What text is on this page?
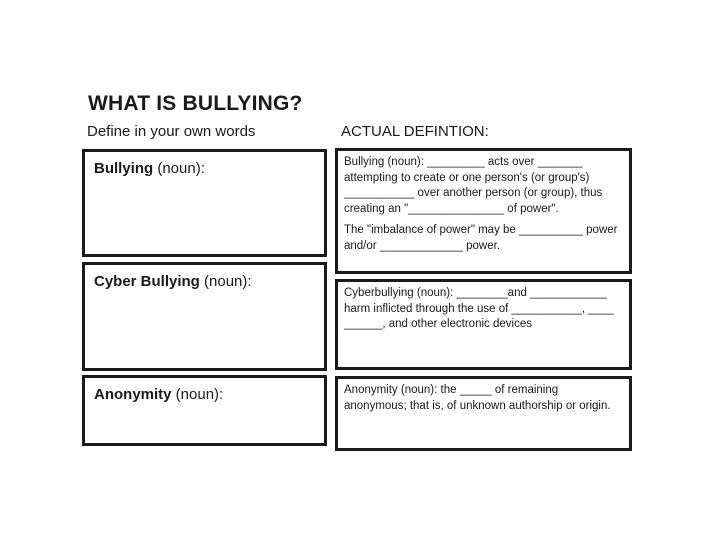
WHAT IS BULLYING?
Define in your own words	ACTUAL DEFINTION:
Bullying (noun):
Cyber Bullying (noun):
Anonymity (noun):

Bullying (noun): _________ acts over _______ attempting to create or one person's (or group's) ___________ over another person (or group), thus creating an "_______________ of power".

The "imbalance of power" may be __________ power and/or _____________ power.

Cyberbullying (noun): ________and ____________ harm inflicted through the use of ___________, ____ ______, and other electronic devices

Anonymity (noun): the _____ of remaining anonymous; that is, of unknown authorship or origin.
